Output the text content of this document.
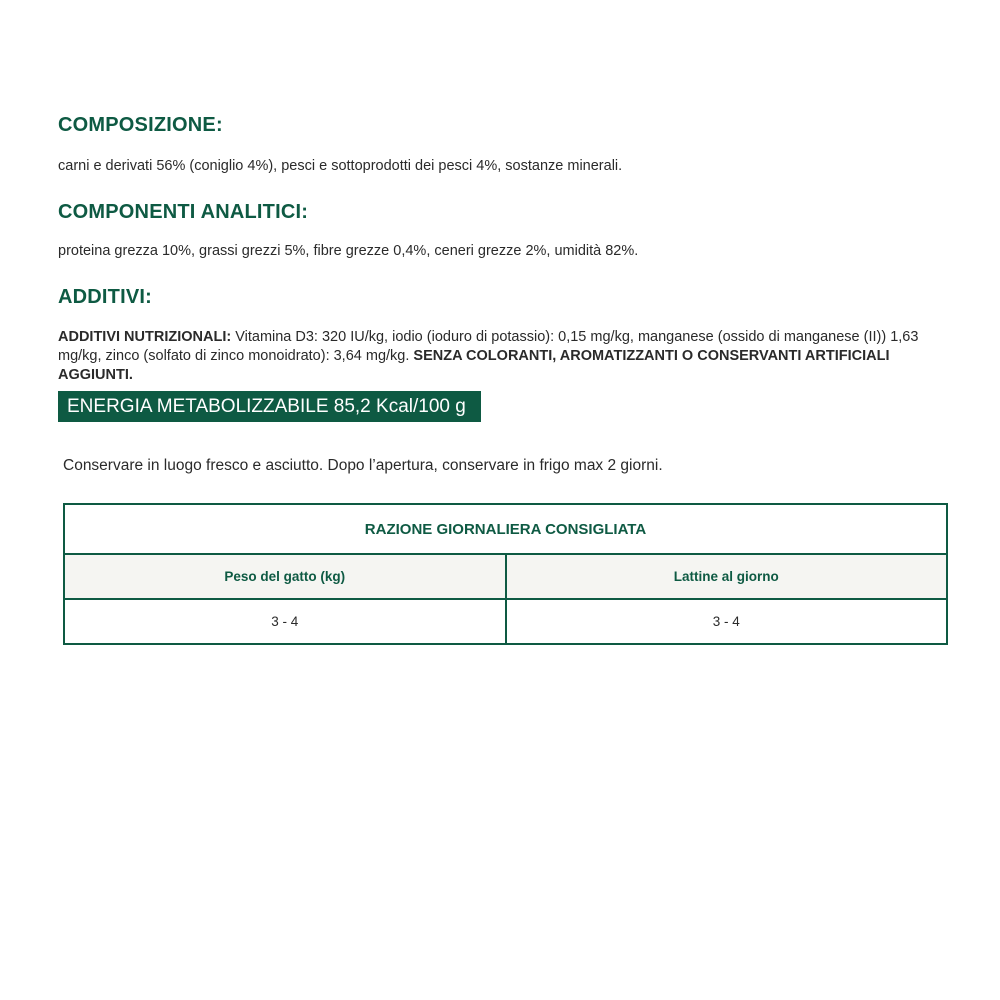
COMPOSIZIONE:

carni e derivati 56% (coniglio 4%), pesci e sottoprodotti dei pesci 4%, sostanze minerali.

COMPONENTI ANALITICI:

proteina grezza 10%, grassi grezzi 5%, fibre grezze 0,4%, ceneri grezze 2%, umidità 82%.

ADDITIVI:

ADDITIVI NUTRIZIONALI: Vitamina D3: 320 IU/kg, iodio (ioduro di potassio): 0,15 mg/kg, manganese (ossido di manganese (II)) 1,63 mg/kg, zinco (solfato di zinco monoidrato): 3,64 mg/kg. SENZA COLORANTI, AROMATIZZANTI O CONSERVANTI ARTIFICIALI AGGIUNTI.

ENERGIA METABOLIZZABILE 85,2 Kcal/100 g

Conservare in luogo fresco e asciutto. Dopo l’apertura, conservare in frigo max 2 giorni.

RAZIONE GIORNALIERA CONSIGLIATA	
Peso del gatto (kg)	Lattine al giorno
3 - 4	3 - 4
